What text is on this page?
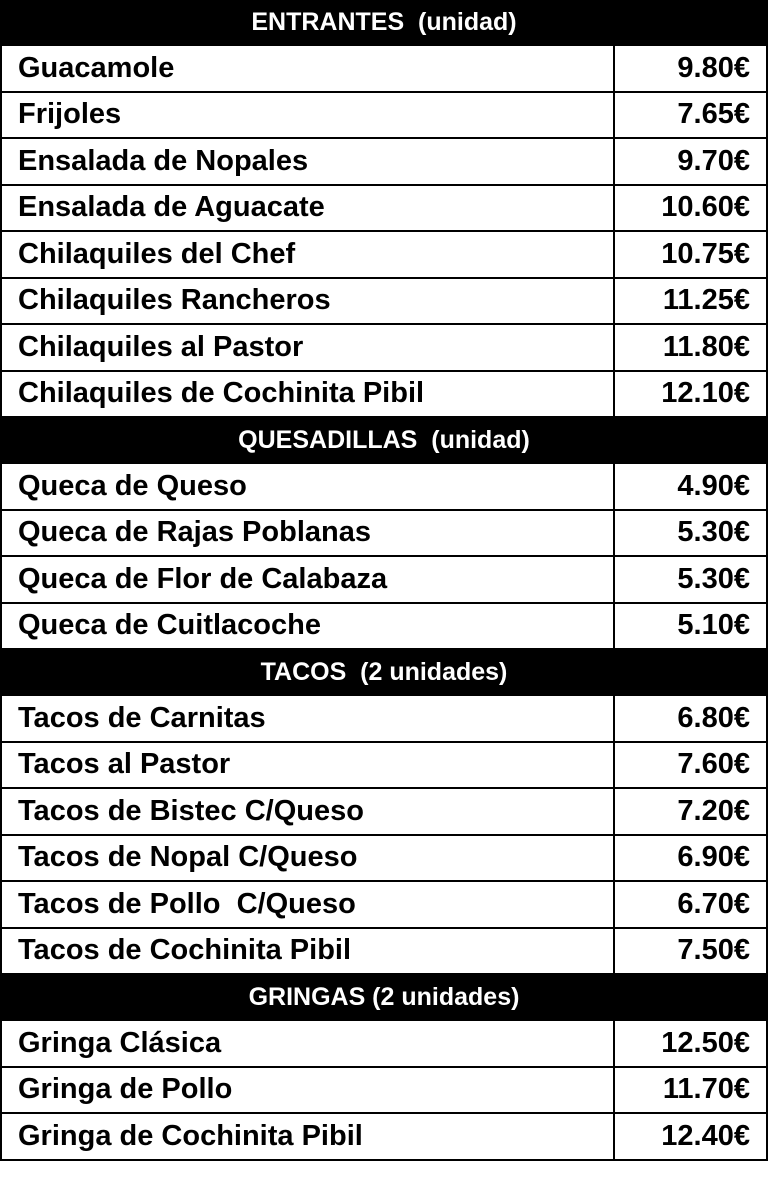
ENTRANTES  (unidad)
Guacamole	9.80€
Frijoles	7.65€
Ensalada de Nopales	9.70€
Ensalada de Aguacate	10.60€
Chilaquiles del Chef	10.75€
Chilaquiles Rancheros	11.25€
Chilaquiles al Pastor	11.80€
Chilaquiles de Cochinita Pibil	12.10€
QUESADILLAS  (unidad)
Queca de Queso	4.90€
Queca de Rajas Poblanas	5.30€
Queca de Flor de Calabaza	5.30€
Queca de Cuitlacoche	5.10€
TACOS  (2 unidades)
Tacos de Carnitas	6.80€
Tacos al Pastor	7.60€
Tacos de Bistec C/Queso	7.20€
Tacos de Nopal C/Queso	6.90€
Tacos de Pollo  C/Queso	6.70€
Tacos de Cochinita Pibil	7.50€
GRINGAS (2 unidades)
Gringa Clásica	12.50€
Gringa de Pollo	11.70€
Gringa de Cochinita Pibil	12.40€
